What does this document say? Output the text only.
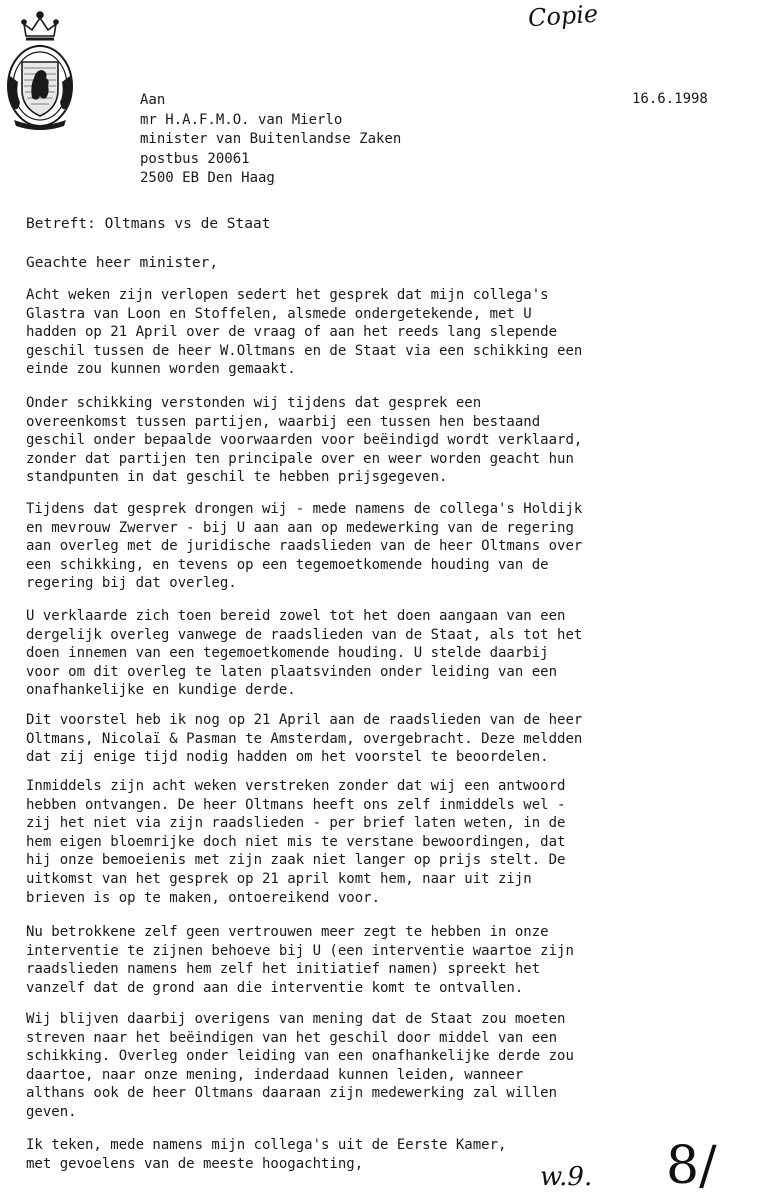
Copie
16.6.1998
Aan
mr H.A.F.M.O. van Mierlo
minister van Buitenlandse Zaken
postbus 20061
2500 EB Den Haag
Betreft: Oltmans vs de Staat
Geachte heer minister,
Acht weken zijn verlopen sedert het gesprek dat mijn collega's
Glastra van Loon en Stoffelen, alsmede ondergetekende, met U
hadden op 21 April over de vraag of aan het reeds lang slepende
geschil tussen de heer W.Oltmans en de Staat via een schikking een
einde zou kunnen worden gemaakt.
Onder schikking verstonden wij tijdens dat gesprek een
overeenkomst tussen partijen, waarbij een tussen hen bestaand
geschil onder bepaalde voorwaarden voor beëindigd wordt verklaard,
zonder dat partijen ten principale over en weer worden geacht hun
standpunten in dat geschil te hebben prijsgegeven.
Tijdens dat gesprek drongen wij - mede namens de collega's Holdijk
en mevrouw Zwerver - bij U aan aan op medewerking van de regering
aan overleg met de juridische raadslieden van de heer Oltmans over
een schikking, en tevens op een tegemoetkomende houding van de
regering bij dat overleg.
U verklaarde zich toen bereid zowel tot het doen aangaan van een
dergelijk overleg vanwege de raadslieden van de Staat, als tot het
doen innemen van een tegemoetkomende houding. U stelde daarbij
voor om dit overleg te laten plaatsvinden onder leiding van een
onafhankelijke en kundige derde.
Dit voorstel heb ik nog op 21 April aan de raadslieden van de heer
Oltmans, Nicolaï & Pasman te Amsterdam, overgebracht. Deze meldden
dat zij enige tijd nodig hadden om het voorstel te beoordelen.
Inmiddels zijn acht weken verstreken zonder dat wij een antwoord
hebben ontvangen. De heer Oltmans heeft ons zelf inmiddels wel -
zij het niet via zijn raadslieden - per brief laten weten, in de
hem eigen bloemrijke doch niet mis te verstane bewoordingen, dat
hij onze bemoeienis met zijn zaak niet langer op prijs stelt. De
uitkomst van het gesprek op 21 april komt hem, naar uit zijn
brieven is op te maken, ontoereikend voor.
Nu betrokkene zelf geen vertrouwen meer zegt te hebben in onze
interventie te zijnen behoeve bij U (een interventie waartoe zijn
raadslieden namens hem zelf het initiatief namen) spreekt het
vanzelf dat de grond aan die interventie komt te ontvallen.
Wij blijven daarbij overigens van mening dat de Staat zou moeten
streven naar het beëindigen van het geschil door middel van een
schikking. Overleg onder leiding van een onafhankelijke derde zou
daartoe, naar onze mening, inderdaad kunnen leiden, wanneer
althans ook de heer Oltmans daaraan zijn medewerking zal willen
geven.
Ik teken, mede namens mijn collega's uit de Eerste Kamer,
met gevoelens van de meeste hoogachting,	w.9. 8/
